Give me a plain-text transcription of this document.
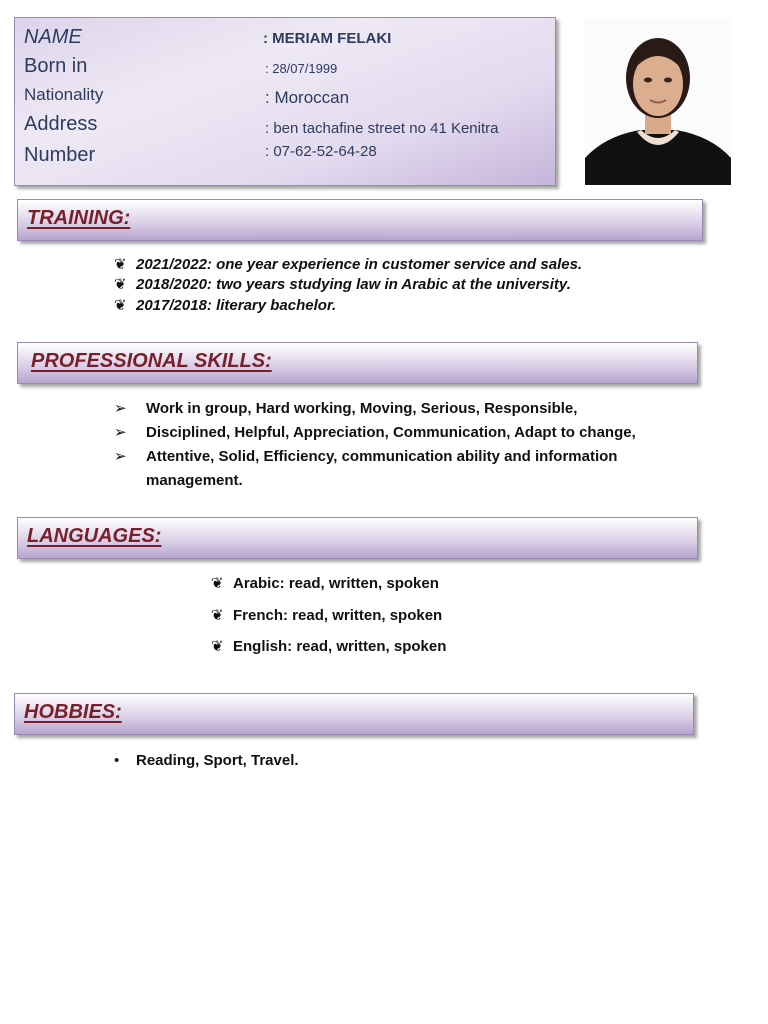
NAME	: MERIAM FELAKI
Born in	: 28/07/1999
Nationality	: Moroccan
Address	: ben tachafine street no 41 Kenitra
Number	: 07-62-52-64-28
TRAINING:
❦ 2021/2022: one year experience in customer service and sales.
❦ 2018/2020: two years studying law in Arabic at the university.
❦ 2017/2018: literary bachelor.
PROFESSIONAL SKILLS:
➢ Work in group, Hard working, Moving, Serious, Responsible,
➢ Disciplined, Helpful, Appreciation, Communication, Adapt to change,
➢ Attentive, Solid, Efficiency, communication ability and information
management.
LANGUAGES:
❦ Arabic: read, written, spoken
❦ French: read, written, spoken
❦ English: read, written, spoken
HOBBIES:
• Reading, Sport, Travel.
